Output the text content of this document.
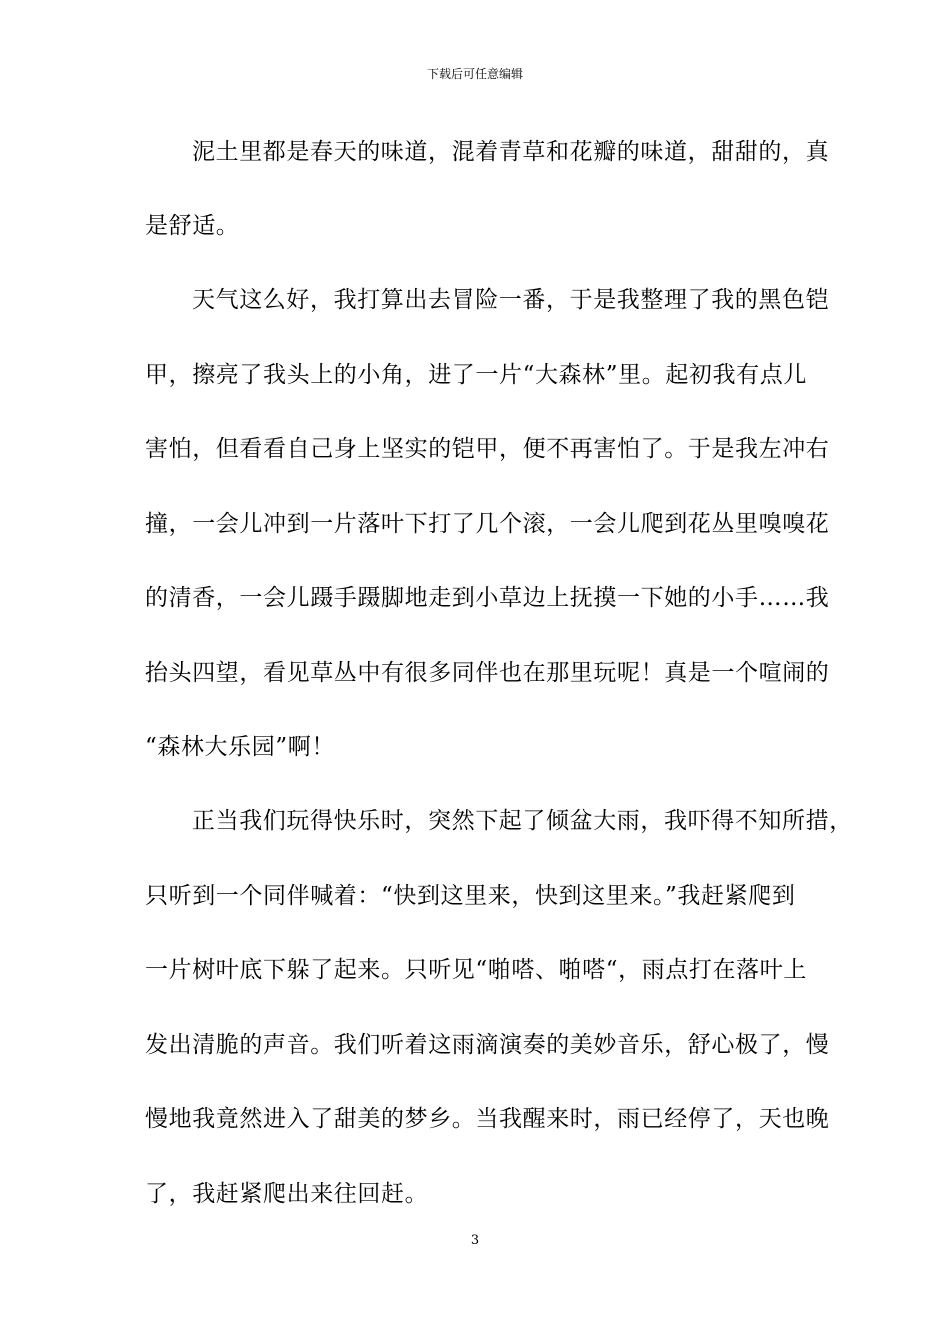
下载后可任意编辑
泥土里都是春天的味道，混着青草和花瓣的味道，甜甜的，真
是舒适。
天气这么好，我打算出去冒险一番，于是我整理了我的黑色铠
甲，擦亮了我头上的小角，进了一片“大森林”里。起初我有点儿
害怕，但看看自己身上坚实的铠甲，便不再害怕了。于是我左冲右
撞，一会儿冲到一片落叶下打了几个滚，一会儿爬到花丛里嗅嗅花
的清香，一会儿蹑手蹑脚地走到小草边上抚摸一下她的小手……我
抬头四望，看见草丛中有很多同伴也在那里玩呢！真是一个喧闹的
“森林大乐园”啊！
正当我们玩得快乐时，突然下起了倾盆大雨，我吓得不知所措，
只听到一个同伴喊着：“快到这里来，快到这里来。”我赶紧爬到
一片树叶底下躲了起来。只听见“啪嗒、啪嗒“，雨点打在落叶上
发出清脆的声音。我们听着这雨滴演奏的美妙音乐，舒心极了，慢
慢地我竟然进入了甜美的梦乡。当我醒来时，雨已经停了，天也晚
了，我赶紧爬出来往回赶。
3
